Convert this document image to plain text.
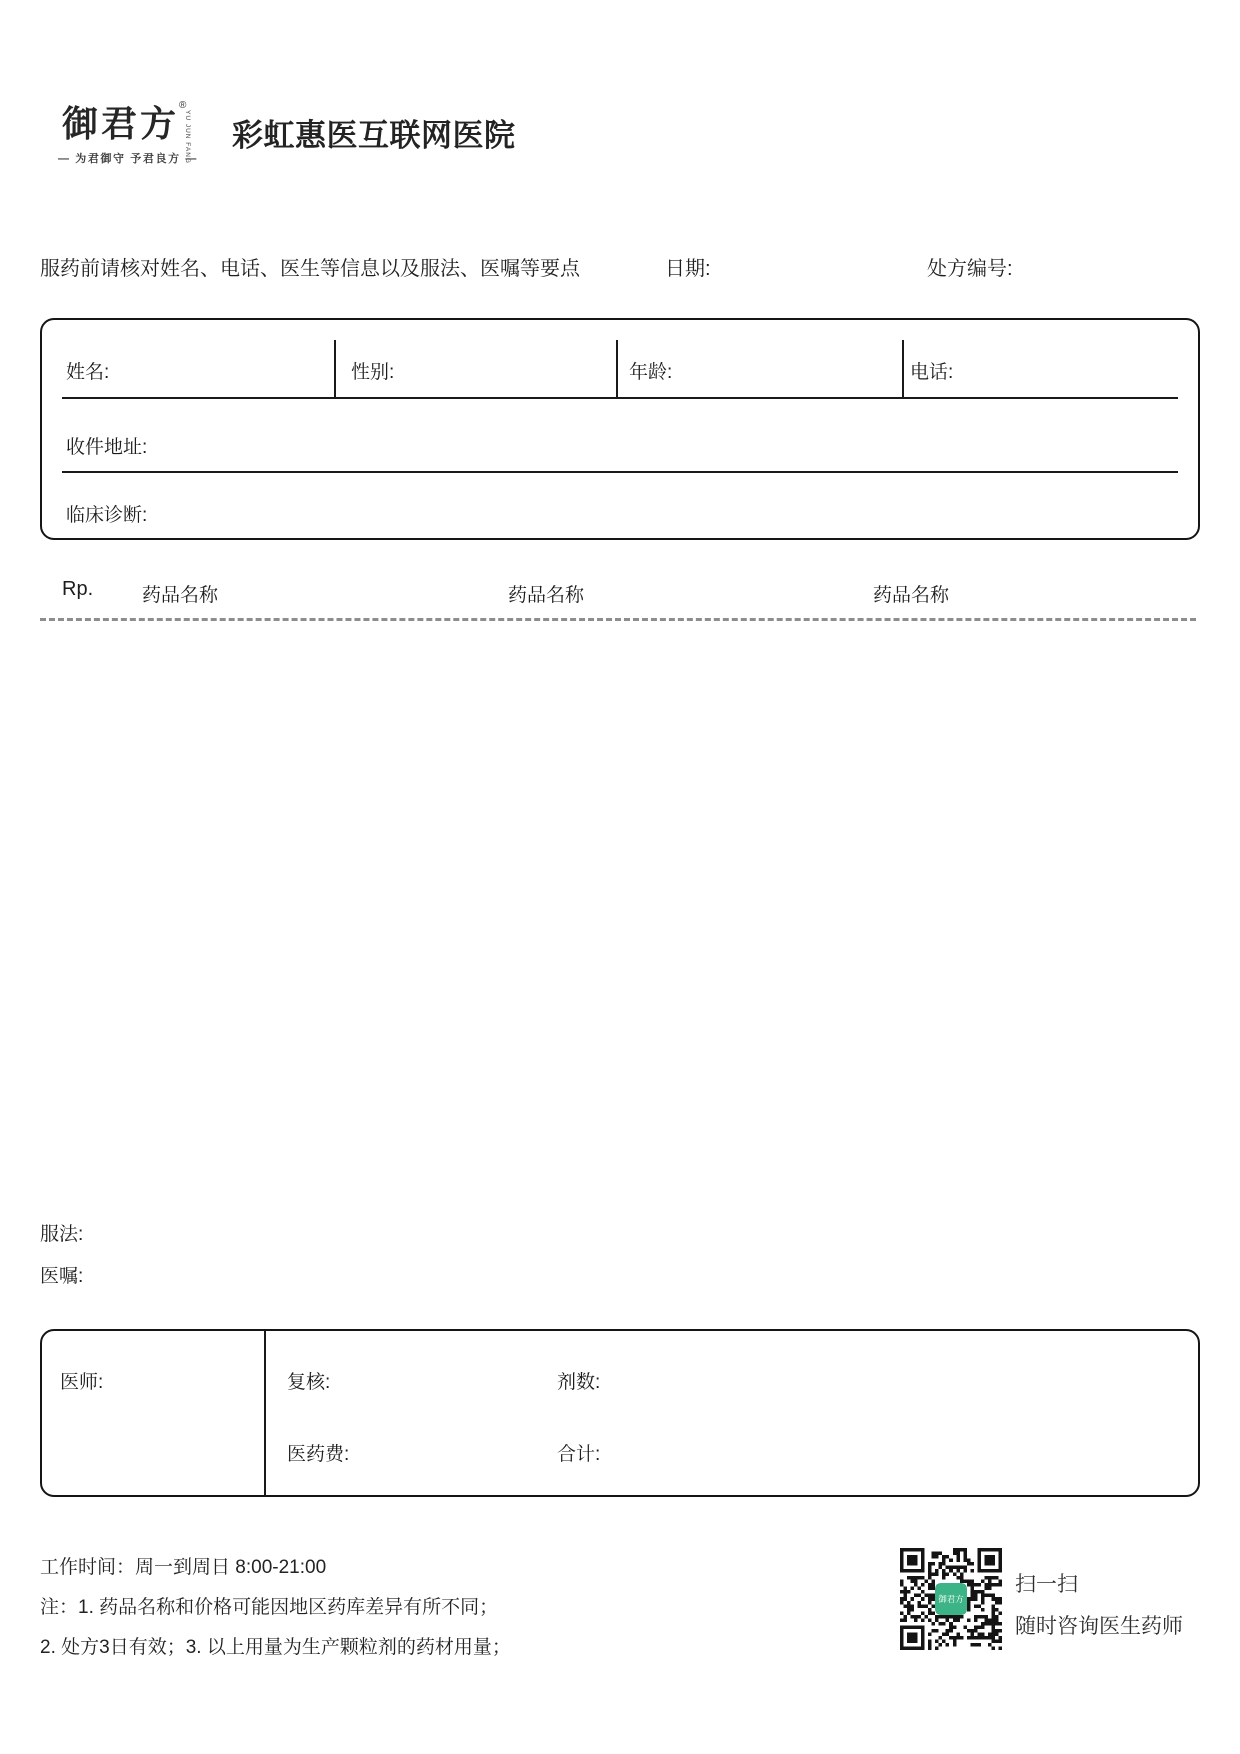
御君方®
YU JUN FANG
— 为君御守 予君良方 —
彩虹惠医互联网医院
服药前请核对姓名、电话、医生等信息以及服法、医嘱等要点	日期:	处方编号:
姓名:	性别:	年龄:	电话:
收件地址:
临床诊断:
Rp.	药品名称	药品名称	药品名称
服法:
医嘱:
医师:	复核:	剂数:
医药费:	合计:
工作时间：周一到周日 8:00-21:00
注：1. 药品名称和价格可能因地区药库差异有所不同；
2. 处方3日有效；3. 以上用量为生产颗粒剂的药材用量；
御君方
扫一扫
随时咨询医生药师
